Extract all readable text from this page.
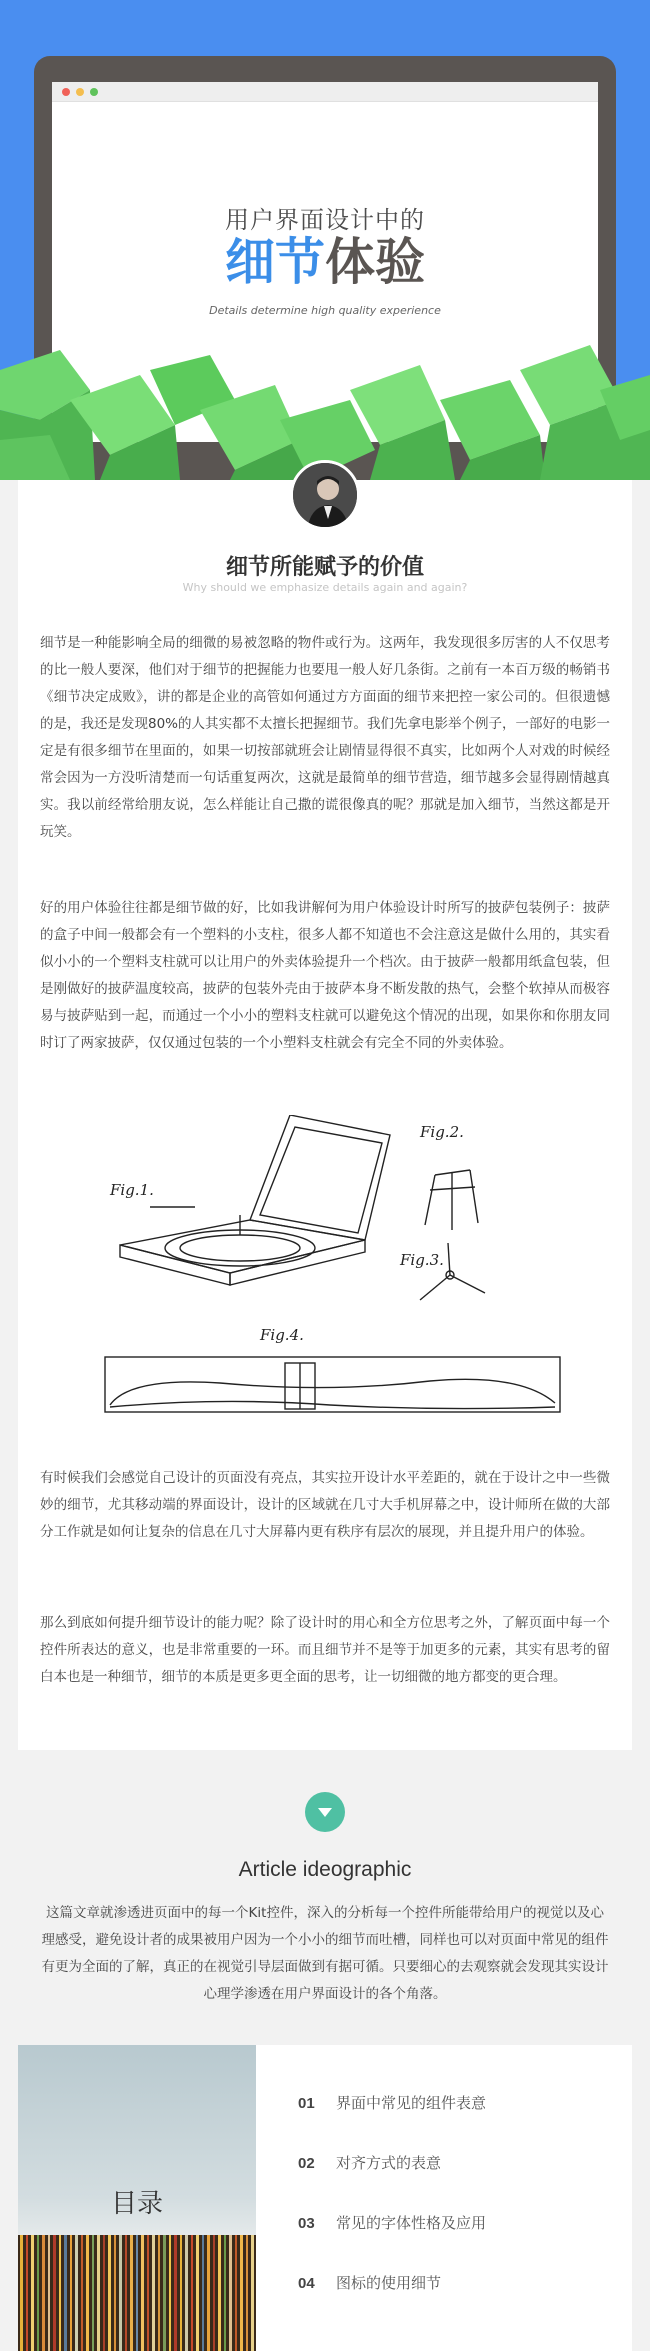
用户界面设计中的
细节体验
Details determine high quality experience
细节所能赋予的价值
Why should we emphasize details again and again?

细节是一种能影响全局的细微的易被忽略的物件或行为。这两年，我发现很多厉害的人不仅思考的比一般人要深，他们对于细节的把握能力也要甩一般人好几条街。之前有一本百万级的畅销书《细节决定成败》，讲的都是企业的高管如何通过方方面面的细节来把控一家公司的。但很遗憾的是，我还是发现80%的人其实都不太擅长把握细节。我们先拿电影举个例子，一部好的电影一定是有很多细节在里面的，如果一切按部就班会让剧情显得很不真实，比如两个人对戏的时候经常会因为一方没听清楚而一句话重复两次，这就是最简单的细节营造，细节越多会显得剧情越真实。我以前经常给朋友说，怎么样能让自己撒的谎很像真的呢？那就是加入细节，当然这都是开玩笑。

好的用户体验往往都是细节做的好，比如我讲解何为用户体验设计时所写的披萨包装例子：披萨的盒子中间一般都会有一个塑料的小支柱，很多人都不知道也不会注意这是做什么用的，其实看似小小的一个塑料支柱就可以让用户的外卖体验提升一个档次。由于披萨一般都用纸盒包装，但是刚做好的披萨温度较高，披萨的包装外壳由于披萨本身不断发散的热气，会整个软掉从而极容易与披萨贴到一起，而通过一个小小的塑料支柱就可以避免这个情况的出现，如果你和你朋友同时订了两家披萨，仅仅通过包装的一个小塑料支柱就会有完全不同的外卖体验。

Fig.1.
Fig.2.
Fig.3.
Fig.4.

有时候我们会感觉自己设计的页面没有亮点，其实拉开设计水平差距的，就在于设计之中一些微妙的细节，尤其移动端的界面设计，设计的区域就在几寸大手机屏幕之中，设计师所在做的大部分工作就是如何让复杂的信息在几寸大屏幕内更有秩序有层次的展现，并且提升用户的体验。

那么到底如何提升细节设计的能力呢？除了设计时的用心和全方位思考之外，了解页面中每一个控件所表达的意义，也是非常重要的一环。而且细节并不是等于加更多的元素，其实有思考的留白本也是一种细节，细节的本质是更多更全面的思考，让一切细微的地方都变的更合理。

Article ideographic

这篇文章就渗透进页面中的每一个Kit控件，深入的分析每一个控件所能带给用户的视觉以及心理感受，避免设计者的成果被用户因为一个小小的细节而吐槽，同样也可以对页面中常见的组件有更为全面的了解，真正的在视觉引导层面做到有据可循。只要细心的去观察就会发现其实设计心理学渗透在用户界面设计的各个角落。

目录
01 界面中常见的组件表意
02 对齐方式的表意
03 常见的字体性格及应用
04 图标的使用细节
